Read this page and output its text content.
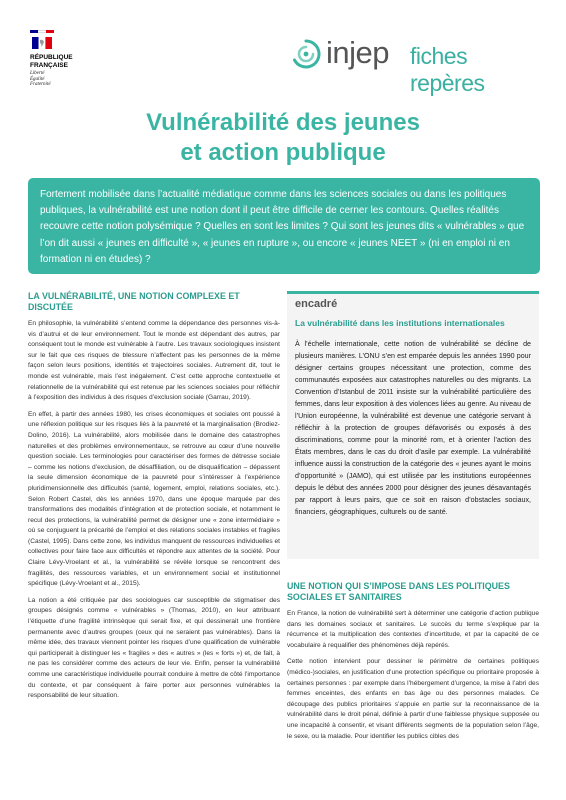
RÉPUBLIQUE
FRANÇAISE
Liberté
Égalité
Fraternité
injep fiches repères
Vulnérabilité des jeunes
et action publique

Fortement mobilisée dans l’actualité médiatique comme dans les sciences sociales ou dans les politiques publiques, la vulnérabilité est une notion dont il peut être difficile de cerner les contours. Quelles réalités recouvre cette notion polysémique ? Quelles en sont les limites ? Qui sont les jeunes dits « vulnérables » que l’on dit aussi « jeunes en difficulté », « jeunes en rupture », ou encore « jeunes NEET » (ni en emploi ni en formation ni en études) ?

LA VULNÉRABILITÉ, UNE NOTION COMPLEXE ET DISCUTÉE

En philosophie, la vulnérabilité s’entend comme la dépendance des personnes vis-à-vis d’autrui et de leur environnement. Tout le monde est dépendant des autres, par conséquent tout le monde est vulnérable à l’autre. Les travaux sociologiques insistent sur le fait que ces risques de blessure n’affectent pas les personnes de la même façon selon leurs positions, identités et trajectoires sociales. Autrement dit, tout le monde est vulnérable, mais l’est inégalement. C’est cette approche contextuelle et relationnelle de la vulnérabilité qui est retenue par les sciences sociales pour réfléchir à l’exposition des individus à des risques d’exclusion sociale (Garrau, 2019).

En effet, à partir des années 1980, les crises économiques et sociales ont poussé à une réflexion politique sur les risques liés à la pauvreté et la marginalisation (Brodiez-Dolino, 2016). La vulnérabilité, alors mobilisée dans le domaine des catastrophes naturelles et des problèmes environnementaux, se retrouve au cœur d’une nouvelle question sociale. Les terminologies pour caractériser des formes de détresse sociale – comme les notions d’exclusion, de désaffiliation, ou de disqualification – dépassent la seule dimension économique de la pauvreté pour s’intéresser à l’expérience pluridimensionnelle des difficultés (santé, logement, emploi, relations sociales, etc.). Selon Robert Castel, dès les années 1970, dans une époque marquée par des transformations des modalités d’intégration et de protection sociale, et notamment le recul des protections, la vulnérabilité permet de désigner une « zone intermédiaire » où se conjuguent la précarité de l’emploi et des relations sociales instables et fragiles (Castel, 1995). Dans cette zone, les individus manquent de ressources individuelles et collectives pour faire face aux difficultés et répondre aux attentes de la société. Pour Claire Lévy-Vroelant et al., la vulnérabilité se révèle lorsque se rencontrent des fragilités, des ressources variables, et un environnement social et institutionnel spécifique (Lévy-Vroelant et al., 2015).

La notion a été critiquée par des sociologues car susceptible de stigmatiser des groupes désignés comme « vulnérables » (Thomas, 2010), en leur attribuant l’étiquette d’une fragilité intrinsèque qui serait fixe, et qui dessinerait une frontière permanente avec d’autres groupes (ceux qui ne seraient pas vulnérables). Dans la même idée, des travaux viennent pointer les risques d’une qualification de vulnérable qui participerait à distinguer les « fragiles » des « autres » (les « forts ») et, de fait, à ne pas les considérer comme des acteurs de leur vie. Enfin, penser la vulnérabilité comme une caractéristique individuelle pourrait conduire à mettre de côté l’importance du contexte, et par conséquent à faire porter aux personnes vulnérables la responsabilité de leur situation.

encadré
La vulnérabilité dans les institutions internationales

À l’échelle internationale, cette notion de vulnérabilité se décline de plusieurs manières. L’ONU s’en est emparée depuis les années 1990 pour désigner certains groupes nécessitant une protection, comme des communautés exposées aux catastrophes naturelles ou des migrants. La Convention d’Istanbul de 2011 insiste sur la vulnérabilité particulière des femmes, dans leur exposition à des violences liées au genre. Au niveau de l’Union européenne, la vulnérabilité est devenue une catégorie servant à réfléchir à la protection de groupes défavorisés ou exposés à des discriminations, comme pour la minorité rom, et à orienter l’action des États membres, dans le cas du droit d’asile par exemple. La vulnérabilité influence aussi la construction de la catégorie des « jeunes ayant le moins d’opportunité » (JAMO), qui est utilisée par les institutions européennes depuis le début des années 2000 pour désigner des jeunes désavantagés par rapport à leurs pairs, que ce soit en raison d’obstacles sociaux, financiers, géographiques, culturels ou de santé.

UNE NOTION QUI S’IMPOSE DANS LES POLITIQUES SOCIALES ET SANITAIRES

En France, la notion de vulnérabilité sert à déterminer une catégorie d’action publique dans les domaines sociaux et sanitaires. Le succès du terme s’explique par la récurrence et la multiplication des contextes d’incertitude, et par la capacité de ce vocabulaire à requalifier des phénomènes déjà repérés.

Cette notion intervient pour dessiner le périmètre de certaines politiques (médico-)sociales, en justification d’une protection spécifique ou prioritaire proposée à certaines personnes : par exemple dans l’hébergement d’urgence, la mise à l’abri des femmes enceintes, des enfants en bas âge ou des personnes malades. Ce découpage des publics prioritaires s’appuie en partie sur la reconnaissance de la vulnérabilité dans le droit pénal, définie à partir d’une faiblesse physique supposée ou une incapacité à consentir, et visant différents segments de la population selon l’âge, le sexe, ou la maladie. Pour identifier les publics cibles des
